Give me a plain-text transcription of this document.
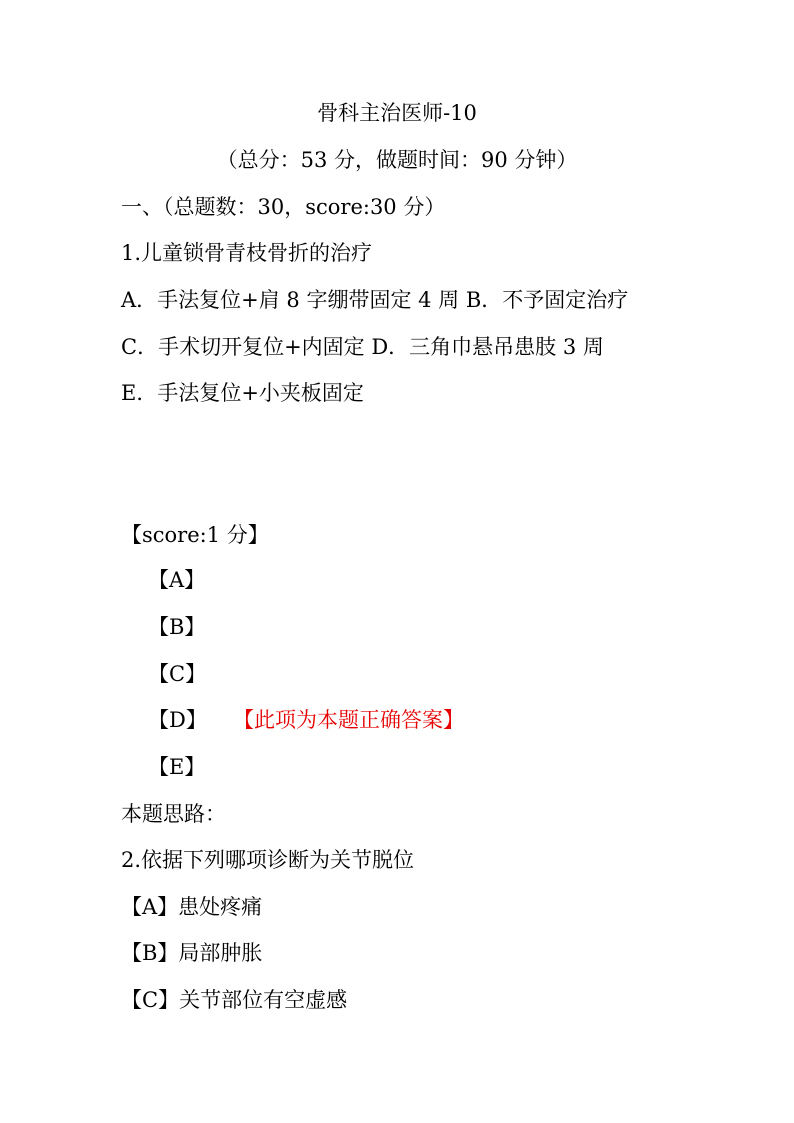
骨科主治医师-10
（总分：53 分，做题时间：90 分钟）
一、（总题数：30，score:30 分）
1.儿童锁骨青枝骨折的治疗
A．手法复位+肩 8 字绷带固定 4 周 B．不予固定治疗
C．手术切开复位+内固定 D．三角巾悬吊患肢 3 周
E．手法复位+小夹板固定
【score:1 分】
【A】
【B】
【C】
【D】 【此项为本题正确答案】
【E】
本题思路：
2.依据下列哪项诊断为关节脱位
【A】患处疼痛
【B】局部肿胀
【C】关节部位有空虚感
